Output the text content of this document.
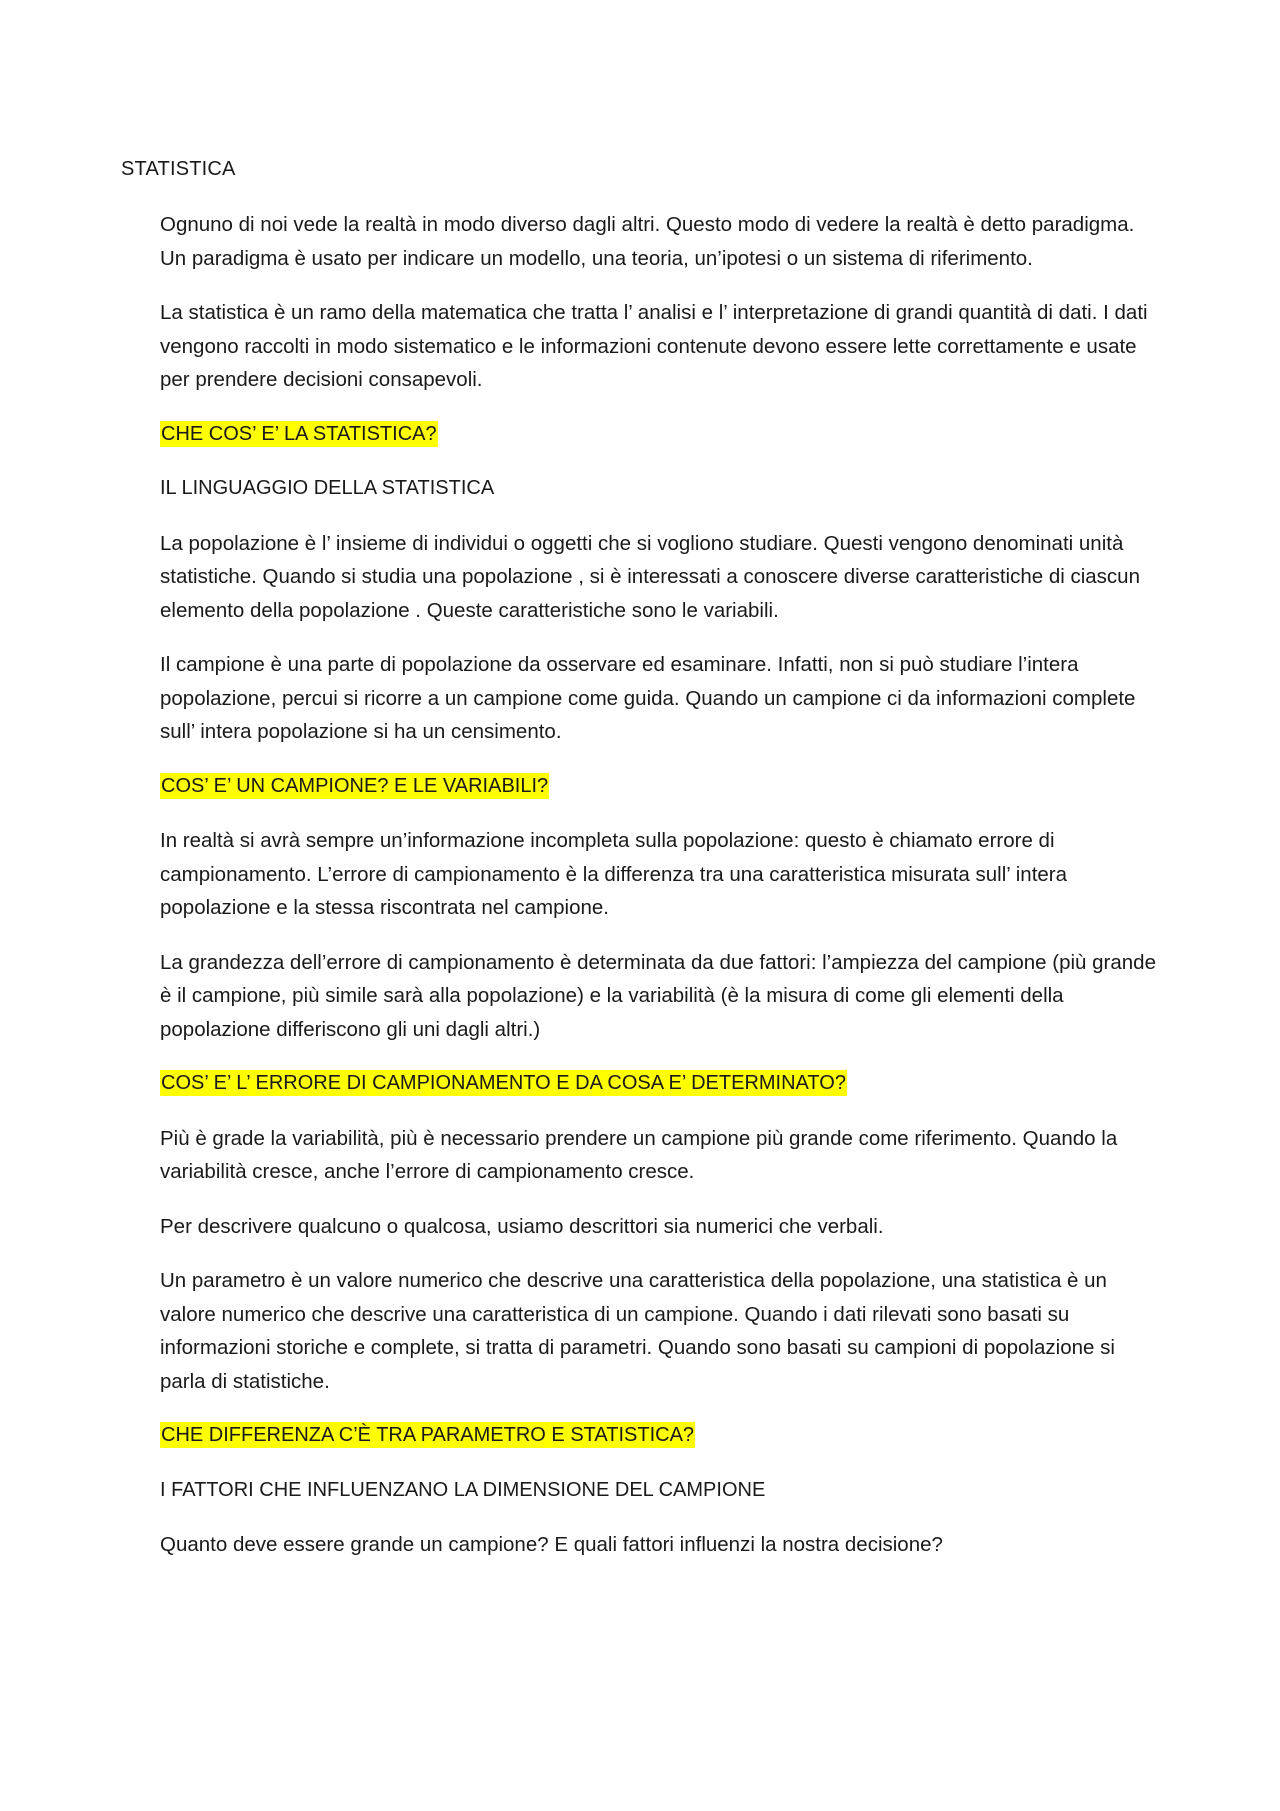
STATISTICA

Ognuno di noi vede la realtà in modo diverso dagli altri. Questo modo di vedere la realtà è detto paradigma. Un paradigma è usato per indicare un modello, una teoria, un’ipotesi o un sistema di riferimento.

La statistica è un ramo della matematica che tratta l’ analisi e l’ interpretazione di grandi quantità di dati. I dati vengono raccolti in modo sistematico e le informazioni contenute devono essere lette correttamente e usate per prendere decisioni consapevoli.

CHE COS’ E’ LA STATISTICA?

IL LINGUAGGIO DELLA STATISTICA

La popolazione è l’ insieme di individui o oggetti che si vogliono studiare. Questi vengono denominati unità statistiche. Quando si studia una popolazione , si è interessati a conoscere diverse caratteristiche di ciascun elemento della popolazione . Queste caratteristiche sono le variabili.

Il campione è una parte di popolazione da osservare ed esaminare. Infatti, non si può studiare l’intera popolazione, percui si ricorre a un campione come guida. Quando un campione ci da informazioni complete sull’ intera popolazione si ha un censimento.

COS’ E’ UN CAMPIONE? E LE VARIABILI?

In realtà si avrà sempre un’informazione incompleta sulla popolazione: questo è chiamato errore di campionamento. L’errore di campionamento è la differenza tra una caratteristica misurata sull’ intera popolazione e la stessa riscontrata nel campione.

La grandezza dell’errore di campionamento è determinata da due fattori: l’ampiezza del campione (più grande è il campione, più simile sarà alla popolazione) e la variabilità (è la misura di come gli elementi della popolazione differiscono gli uni dagli altri.)

COS’ E’ L’ ERRORE DI CAMPIONAMENTO E DA COSA E’ DETERMINATO?

Più è grade la variabilità, più è necessario prendere un campione più grande come riferimento. Quando la variabilità cresce, anche l’errore di campionamento cresce.

Per descrivere qualcuno o qualcosa, usiamo descrittori sia numerici che verbali.

Un parametro è un valore numerico che descrive una caratteristica della popolazione, una statistica è un valore numerico che descrive una caratteristica di un campione. Quando i dati rilevati sono basati su informazioni storiche e complete, si tratta di parametri. Quando sono basati su campioni di popolazione si parla di statistiche.

CHE DIFFERENZA C’È TRA PARAMETRO E STATISTICA?

I FATTORI CHE INFLUENZANO LA DIMENSIONE DEL CAMPIONE

Quanto deve essere grande un campione? E quali fattori influenzi la nostra decisione?
